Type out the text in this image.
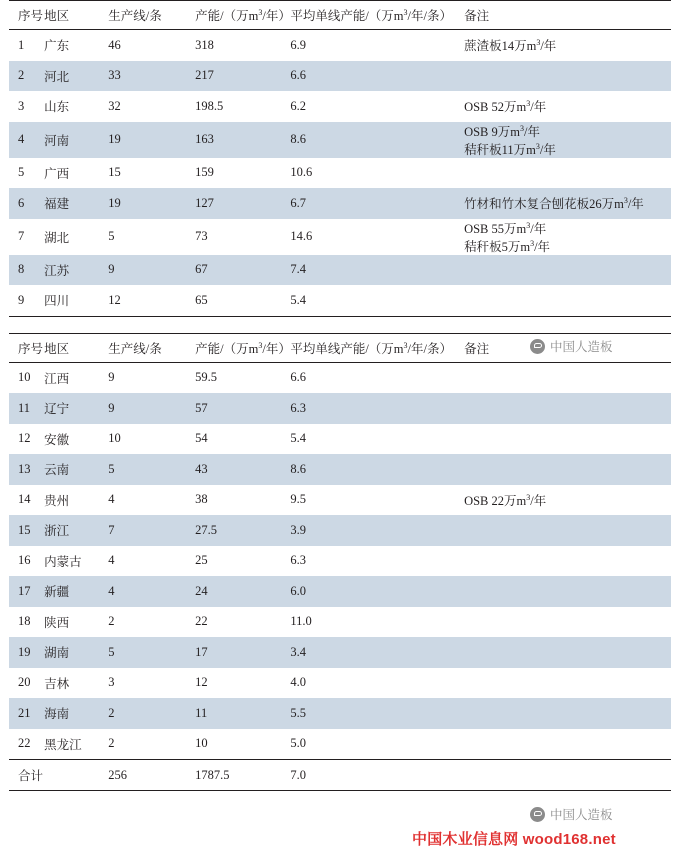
序号	地区	生产线/条	产能/（万$m^3/$年）	平均单线产能/（万$m^3/$年/条）	备注
1	广东	46	318	6.9	蔗渣板14万$m^3/$年

2	河北	33	217	6.6	
3	山东	32	198.5	6.2	OSB 52万$m^3/$年

4	河南	19	163	8.6	OSB 9万$m^3/$年
秸秆板11万$m^3/$年

5	广西	15	159	10.6	
6	福建	19	127	6.7	竹材和竹木复合刨花板26万$m^3/$年

7	湖北	5	73	14.6	OSB 55万$m^3/$年
秸秆板5万$m^3/$年

8	江苏	9	67	7.4	
9	四川	12	65	5.4	
序号	地区	生产线/条	产能/（万$m^3/$年）	平均单线产能/（万$m^3/$年/条）	备注
10	江西	9	59.5	6.6	
11	辽宁	9	57	6.3	
12	安徽	10	54	5.4	
13	云南	5	43	8.6	
14	贵州	4	38	9.5	OSB 22万$m^3/$年

15	浙江	7	27.5	3.9	
16	内蒙古	4	25	6.3	
17	新疆	4	24	6.0	
18	陕西	2	22	11.0	
19	湖南	5	17	3.4	
20	吉林	3	12	4.0	
21	海南	2	11	5.5	
22	黑龙江	2	10	5.0	
合计		256	1787.5	7.0	
中国人造板
中国人造板
中国木业信息网 wood168.net
